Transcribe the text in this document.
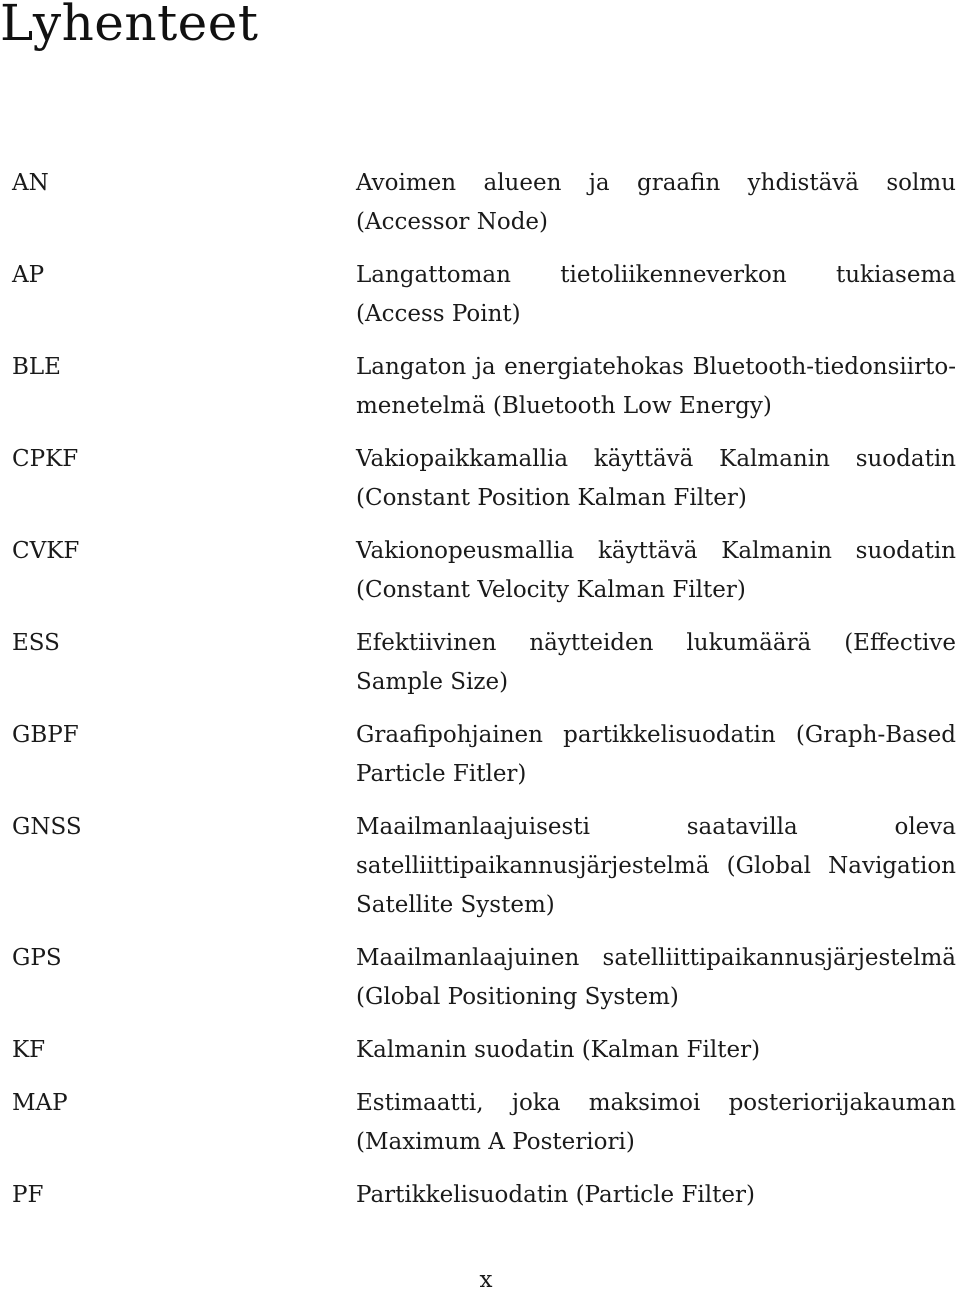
Lyhenteet
AN	Avoimen alueen ja graafin yhdistävä solmu (Accessor Node)
AP	Langattoman tietoliikenneverkon tukiasema (Access Point)
BLE	Langaton ja energiatehokas Bluetooth-tiedonsiirtomenetelmä (Bluetooth Low Energy)
CPKF	Vakiopaikkamallia käyttävä Kalmanin suodatin (Constant Position Kalman Filter)
CVKF	Vakionopeusmallia käyttävä Kalmanin suodatin (Constant Velocity Kalman Filter)
ESS	Efektiivinen näytteiden lukumäärä (Effective Sample Size)
GBPF	Graafipohjainen partikkelisuodatin (Graph-Based Particle Fitler)
GNSS	Maailmanlaajuisesti saatavilla oleva satelliittipaikannusjärjestelmä (Global Navigation Satellite System)
GPS	Maailmanlaajuinen satelliittipaikannusjärjestelmä (Global Positioning System)
KF	Kalmanin suodatin (Kalman Filter)
MAP	Estimaatti, joka maksimoi posteriorijakauman (Maximum A Posteriori)
PF	Partikkelisuodatin (Particle Filter)
x
